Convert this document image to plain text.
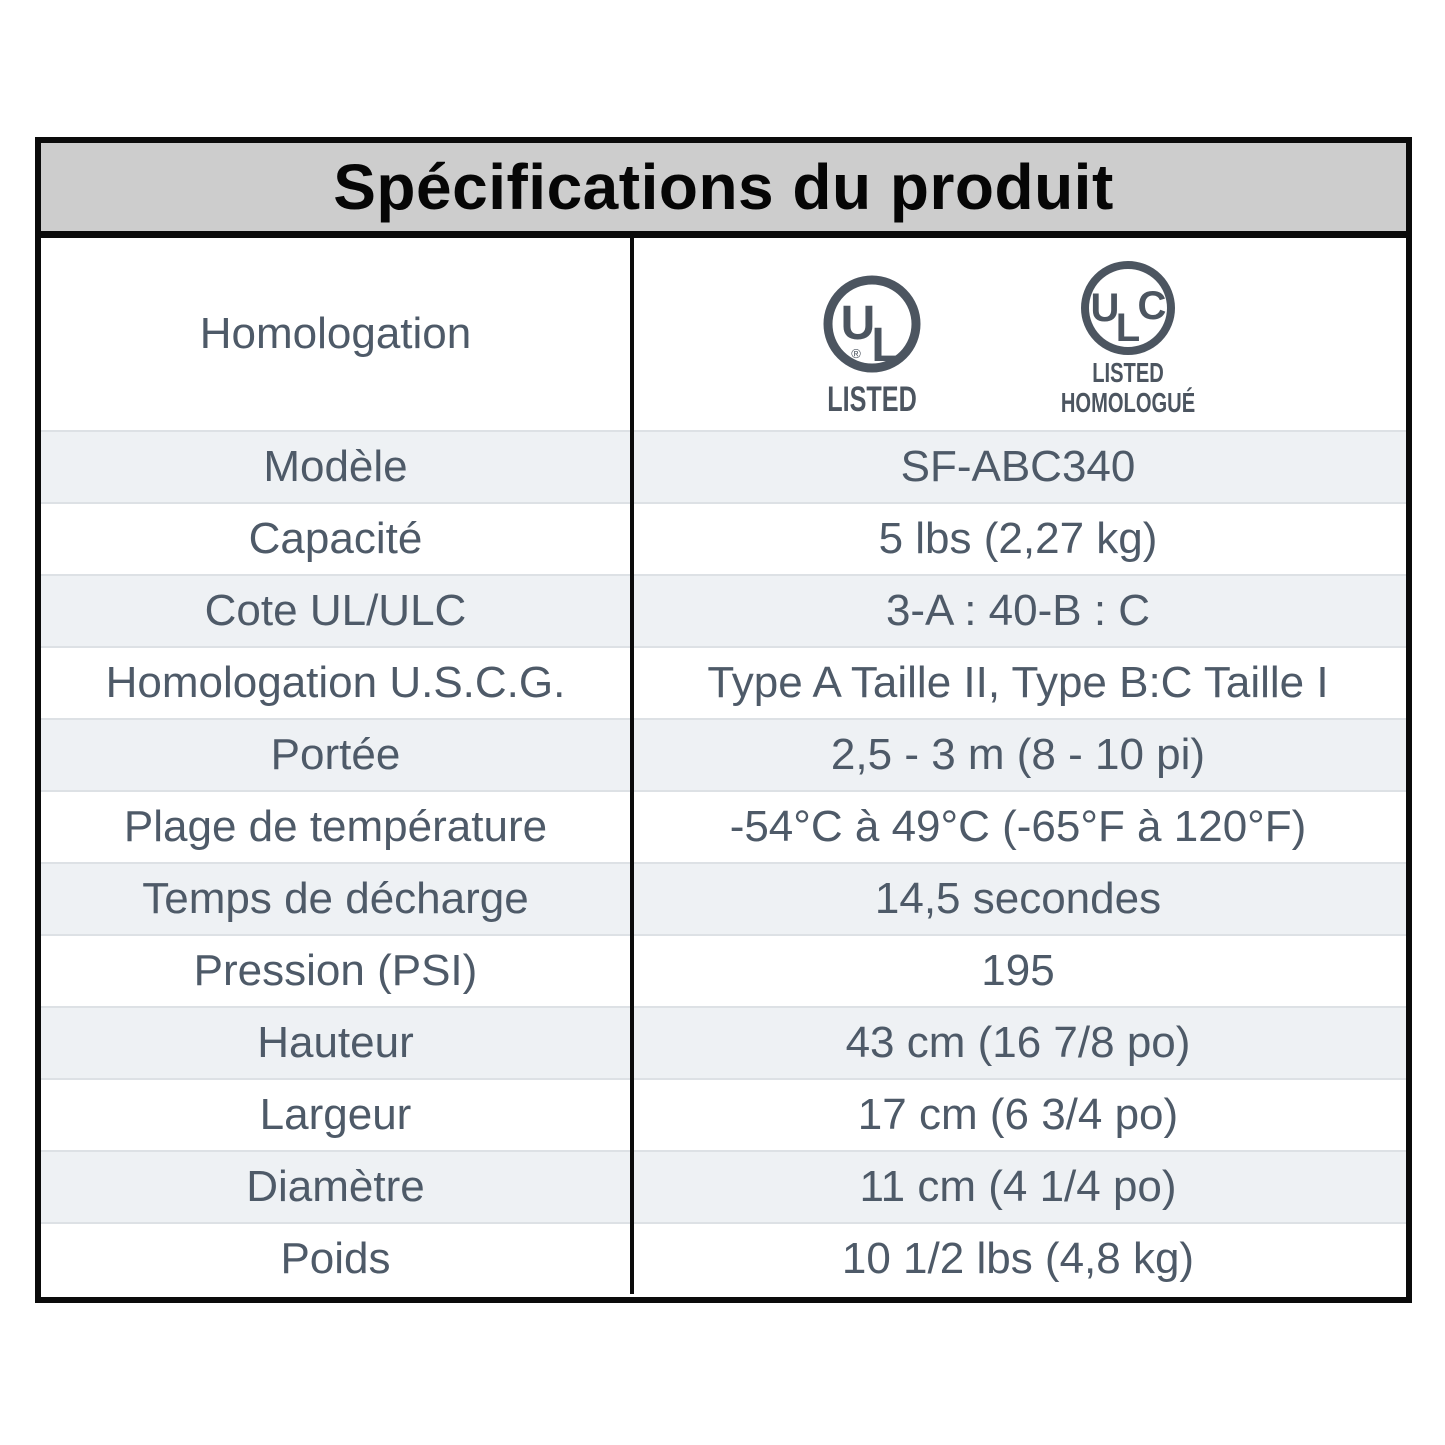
Spécifications du produit
Homologation	U
L
®
LISTED
U
L
C
LISTED
HOMOLOGUÉ
Modèle	SF-ABC340
Capacité	5 lbs (2,27 kg)
Cote UL/ULC	3-A : 40-B : C
Homologation U.S.C.G.	Type A Taille II, Type B:C Taille I
Portée	2,5 - 3 m (8 - 10 pi)
Plage de température	-54°C à 49°C (-65°F à 120°F)
Temps de décharge	14,5 secondes
Pression (PSI)	195
Hauteur	43 cm (16 7/8 po)
Largeur	17 cm (6 3/4 po)
Diamètre	11 cm (4 1/4 po)
Poids	10 1/2 lbs (4,8 kg)
